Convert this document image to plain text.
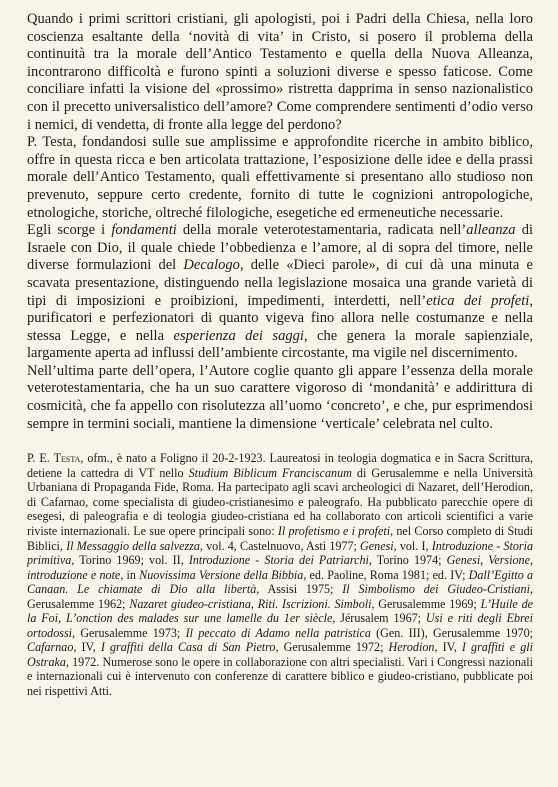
Quando i primi scrittori cristiani, gli apologisti, poi i Padri della Chiesa, nella loro coscienza esaltante della ‘novità di vita’ in Cristo, si posero il problema della continuità tra la morale dell’Antico Testamento e quella della Nuova Alleanza, incontrarono difficoltà e furono spinti a soluzioni diverse e spesso faticose. Come conciliare infatti la visione del «prossimo» ristretta dapprima in senso nazionalistico con il precetto universalistico dell’amore? Come comprendere sentimenti d’odio verso i nemici, di vendetta, di fronte alla legge del perdono?

P. Testa, fondandosi sulle sue amplissime e approfondite ricerche in ambito biblico, offre in questa ricca e ben articolata trattazione, l’esposizione delle idee e della prassi morale dell’Antico Testamento, quali effettivamente si presentano allo studioso non prevenuto, seppure certo credente, fornito di tutte le cognizioni antropologiche, etnologiche, storiche, oltreché filologiche, esegetiche ed ermeneutiche necessarie.

Egli scorge i fondamenti della morale veterotestamentaria, radicata nell’alleanza di Israele con Dio, il quale chiede l’obbedienza e l’amore, al di sopra del timore, nelle diverse formulazioni del Decalogo, delle «Dieci parole», di cui dà una minuta e scavata presentazione, distinguendo nella legislazione mosaica una grande varietà di tipi di imposizioni e proibizioni, impedimenti, interdetti, nell’etica dei profeti, purificatori e perfezionatori di quanto vigeva fino allora nelle costumanze e nella stessa Legge, e nella esperienza dei saggi, che genera la morale sapienziale, largamente aperta ad influssi dell’ambiente circostante, ma vigile nel discernimento.

Nell’ultima parte dell’opera, l’Autore coglie quanto gli appare l’essenza della morale veterotestamentaria, che ha un suo carattere vigoroso di ‘mondanità’ e addirittura di cosmicità, che fa appello con risolutezza all’uomo ‘concreto’, e che, pur esprimendosi sempre in termini sociali, mantiene la dimensione ‘verticale’ celebrata nel culto.

P. E. Testa, ofm., è nato a Foligno il 20-2-1923. Laureatosi in teologia dogmatica e in Sacra Scrittura, detiene la cattedra di VT nello Studium Biblicum Franciscanum di Gerusalemme e nella Università Urbaniana di Propaganda Fide, Roma. Ha partecipato agli scavi archeologici di Nazaret, dell’Herodion, di Cafarnao, come specialista di giudeo-cristianesimo e paleografo. Ha pubblicato parecchie opere di esegesi, di paleografia e di teologia giudeo-cristiana ed ha collaborato con articoli scientifici a varie riviste internazionali. Le sue opere principali sono: Il profetismo e i profeti, nel Corso completo di Studi Biblici, Il Messaggio della salvezza, vol. 4, Castelnuovo, Asti 1977; Genesi, vol. I, Introduzione - Storia primitiva, Torino 1969; vol. II, Introduzione - Storia dei Patriarchi, Torino 1974; Genesi, Versione, introduzione e note, in Nuovissima Versione della Bibbia, ed. Paoline, Roma 1981; ed. IV; Dall’Egitto a Canaan. Le chiamate di Dio alla libertà, Assisi 1975; Il Simbolismo dei Giudeo-Cristiani, Gerusalemme 1962; Nazaret giudeo-cristiana, Riti. Iscrizioni. Simboli, Gerusalemme 1969; L’Huile de la Foi, L’onction des malades sur une lamelle du 1er siècle, Jérusalem 1967; Usi e riti degli Ebrei ortodossi, Gerusalemme 1973; Il peccato di Adamo nella patristica (Gen. III), Gerusalemme 1970; Cafarnao, IV, I graffiti della Casa di San Pietro, Gerusalemme 1972; Herodion, IV, I graffiti e gli Ostraka, 1972. Numerose sono le opere in collaborazione con altri specialisti. Vari i Congressi nazionali e internazionali cui è intervenuto con conferenze di carattere biblico e giudeo-cristiano, pubblicate poi nei rispettivi Atti.
